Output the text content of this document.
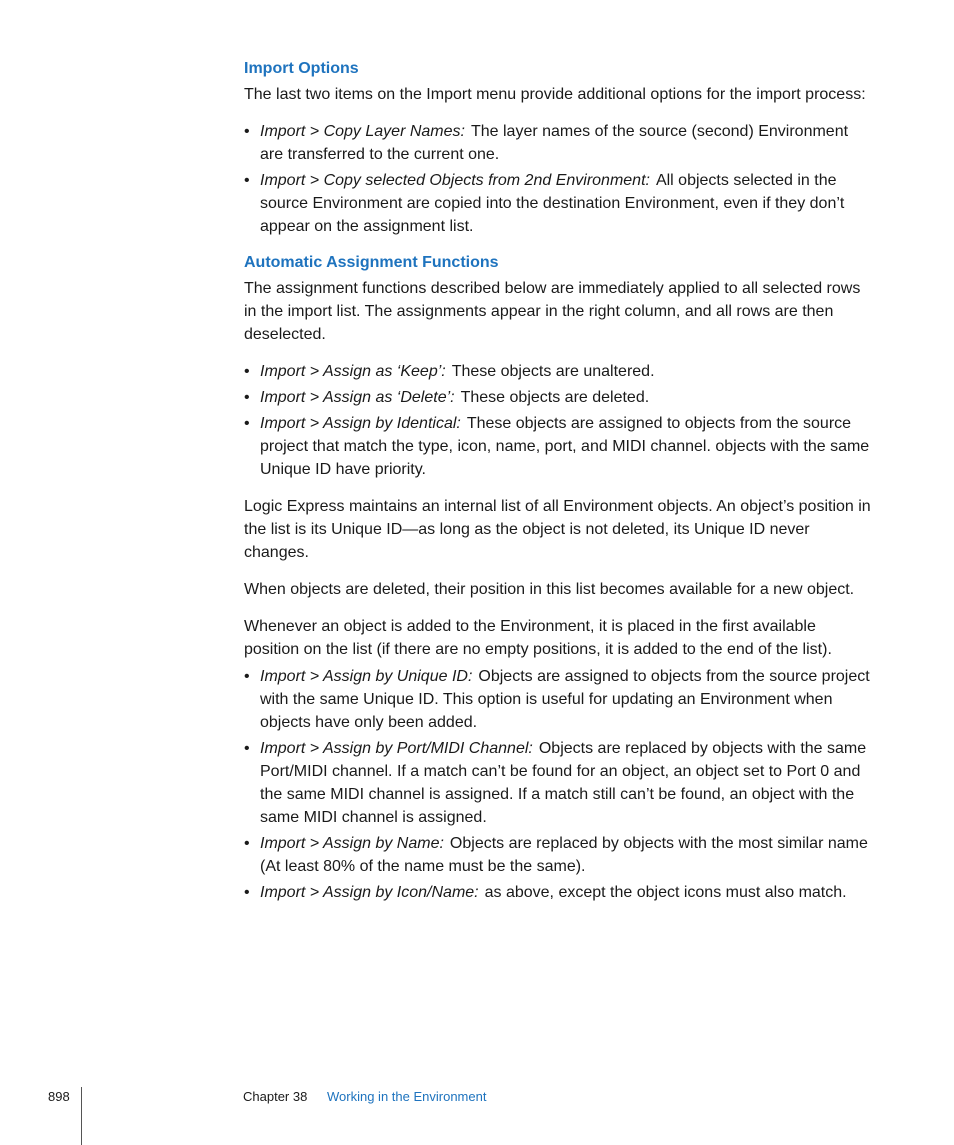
Import Options

The last two items on the Import menu provide additional options for the import process:

• Import > Copy Layer Names: The layer names of the source (second) Environment are transferred to the current one.
• Import > Copy selected Objects from 2nd Environment: All objects selected in the source Environment are copied into the destination Environment, even if they don’t appear on the assignment list.
Automatic Assignment Functions

The assignment functions described below are immediately applied to all selected rows in the import list. The assignments appear in the right column, and all rows are then deselected.

• Import > Assign as ‘Keep’: These objects are unaltered.
• Import > Assign as ‘Delete’: These objects are deleted.
• Import > Assign by Identical: These objects are assigned to objects from the source project that match the type, icon, name, port, and MIDI channel. objects with the same Unique ID have priority.

Logic Express maintains an internal list of all Environment objects. An object’s position in the list is its Unique ID—as long as the object is not deleted, its Unique ID never changes.

When objects are deleted, their position in this list becomes available for a new object.

Whenever an object is added to the Environment, it is placed in the first available position on the list (if there are no empty positions, it is added to the end of the list).

• Import > Assign by Unique ID: Objects are assigned to objects from the source project with the same Unique ID. This option is useful for updating an Environment when objects have only been added.
• Import > Assign by Port/MIDI Channel: Objects are replaced by objects with the same Port/MIDI channel. If a match can’t be found for an object, an object set to Port 0 and the same MIDI channel is assigned. If a match still can’t be found, an object with the same MIDI channel is assigned.
• Import > Assign by Name: Objects are replaced by objects with the most similar name (At least 80% of the name must be the same).
• Import > Assign by Icon/Name: as above, except the object icons must also match.
898	Chapter 38 Working in the Environment
